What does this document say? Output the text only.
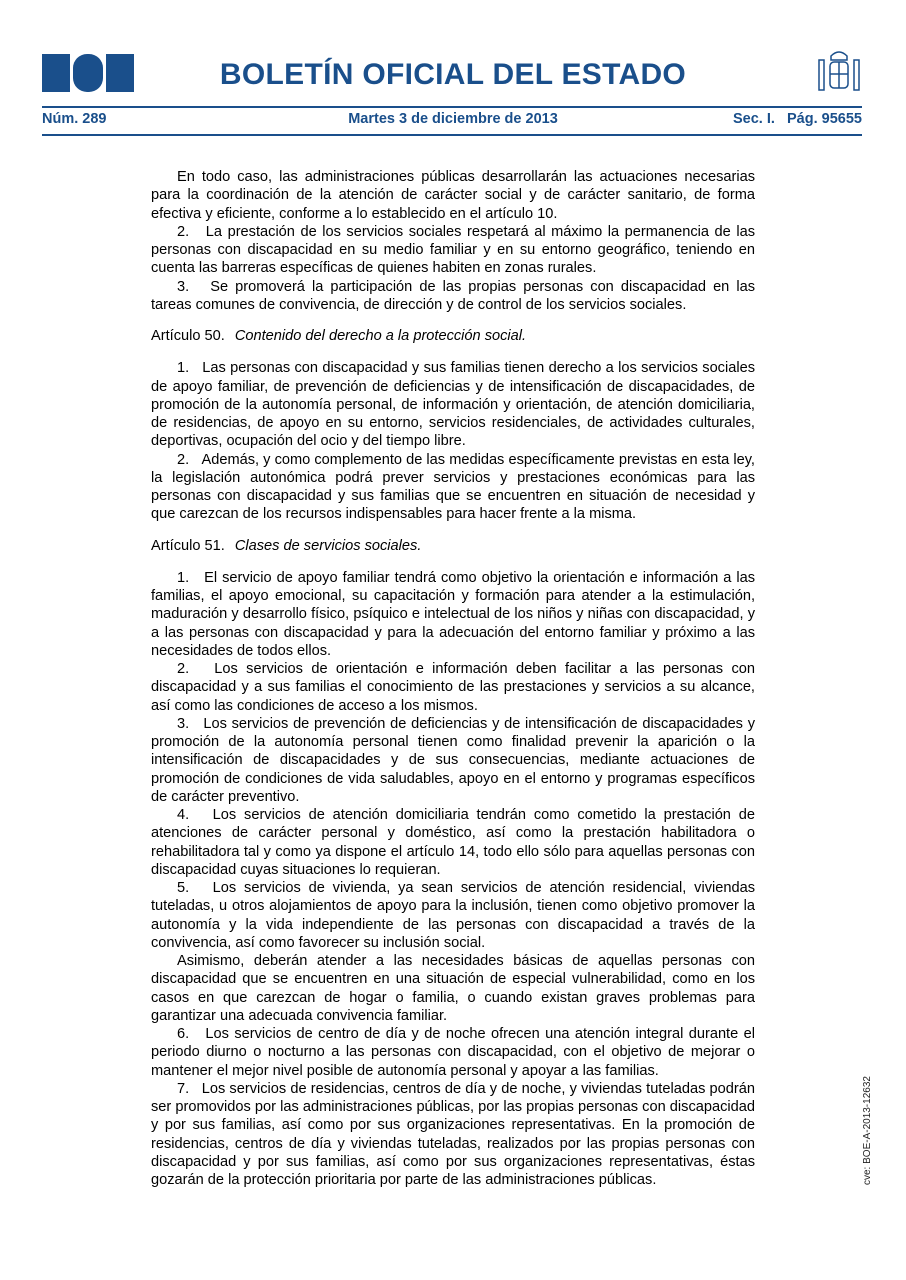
BOLETÍN OFICIAL DEL ESTADO
Núm. 289	Martes 3 de diciembre de 2013	Sec. I. Pág. 95655

En todo caso, las administraciones públicas desarrollarán las actuaciones necesarias para la coordinación de la atención de carácter social y de carácter sanitario, de forma efectiva y eficiente, conforme a lo establecido en el artículo 10.

2.   La prestación de los servicios sociales respetará al máximo la permanencia de las personas con discapacidad en su medio familiar y en su entorno geográfico, teniendo en cuenta las barreras específicas de quienes habiten en zonas rurales.

3.   Se promoverá la participación de las propias personas con discapacidad en las tareas comunes de convivencia, de dirección y de control de los servicios sociales.

Artículo 50. Contenido del derecho a la protección social.

1.   Las personas con discapacidad y sus familias tienen derecho a los servicios sociales de apoyo familiar, de prevención de deficiencias y de intensificación de discapacidades, de promoción de la autonomía personal, de información y orientación, de atención domiciliaria, de residencias, de apoyo en su entorno, servicios residenciales, de actividades culturales, deportivas, ocupación del ocio y del tiempo libre.

2.   Además, y como complemento de las medidas específicamente previstas en esta ley, la legislación autonómica podrá prever servicios y prestaciones económicas para las personas con discapacidad y sus familias que se encuentren en situación de necesidad y que carezcan de los recursos indispensables para hacer frente a la misma.

Artículo 51. Clases de servicios sociales.

1.   El servicio de apoyo familiar tendrá como objetivo la orientación e información a las familias, el apoyo emocional, su capacitación y formación para atender a la estimulación, maduración y desarrollo físico, psíquico e intelectual de los niños y niñas con discapacidad, y a las personas con discapacidad y para la adecuación del entorno familiar y próximo a las necesidades de todos ellos.

2.   Los servicios de orientación e información deben facilitar a las personas con discapacidad y a sus familias el conocimiento de las prestaciones y servicios a su alcance, así como las condiciones de acceso a los mismos.

3.   Los servicios de prevención de deficiencias y de intensificación de discapacidades y promoción de la autonomía personal tienen como finalidad prevenir la aparición o la intensificación de discapacidades y de sus consecuencias, mediante actuaciones de promoción de condiciones de vida saludables, apoyo en el entorno y programas específicos de carácter preventivo.

4.   Los servicios de atención domiciliaria tendrán como cometido la prestación de atenciones de carácter personal y doméstico, así como la prestación habilitadora o rehabilitadora tal y como ya dispone el artículo 14, todo ello sólo para aquellas personas con discapacidad cuyas situaciones lo requieran.

5.   Los servicios de vivienda, ya sean servicios de atención residencial, viviendas tuteladas, u otros alojamientos de apoyo para la inclusión, tienen como objetivo promover la autonomía y la vida independiente de las personas con discapacidad a través de la convivencia, así como favorecer su inclusión social.

Asimismo, deberán atender a las necesidades básicas de aquellas personas con discapacidad que se encuentren en una situación de especial vulnerabilidad, como en los casos en que carezcan de hogar o familia, o cuando existan graves problemas para garantizar una adecuada convivencia familiar.

6.   Los servicios de centro de día y de noche ofrecen una atención integral durante el periodo diurno o nocturno a las personas con discapacidad, con el objetivo de mejorar o mantener el mejor nivel posible de autonomía personal y apoyar a las familias.

7.   Los servicios de residencias, centros de día y de noche, y viviendas tuteladas podrán ser promovidos por las administraciones públicas, por las propias personas con discapacidad y por sus familias, así como por sus organizaciones representativas. En la promoción de residencias, centros de día y viviendas tuteladas, realizados por las propias personas con discapacidad y por sus familias, así como por sus organizaciones representativas, éstas gozarán de la protección prioritaria por parte de las administraciones públicas.	cve: BOE-A-2013-12632
